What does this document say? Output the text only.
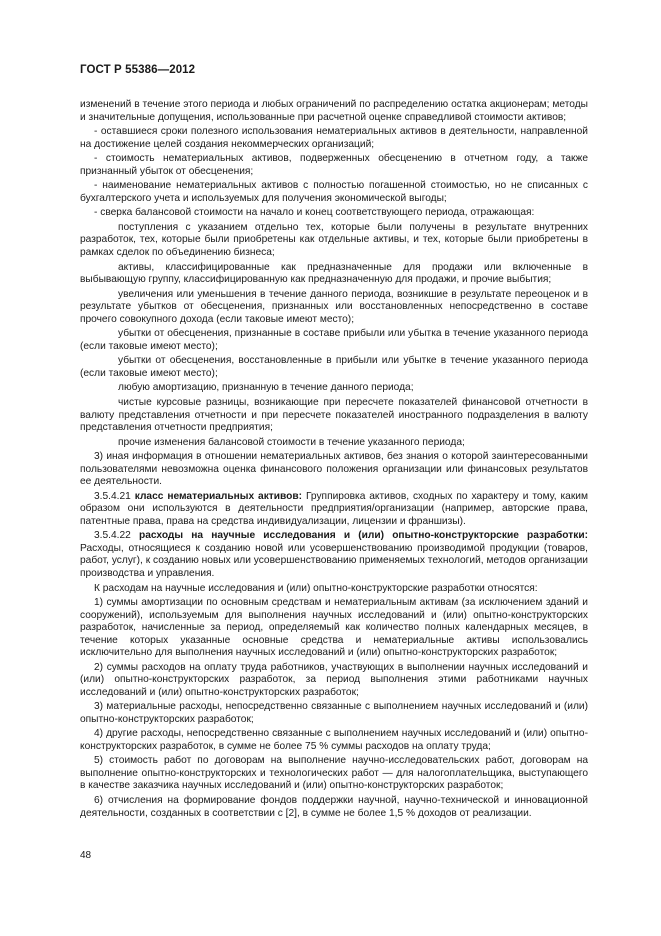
ГОСТ Р 55386—2012

изменений в течение этого периода и любых ограничений по распределению остатка акционерам; методы и значительные допущения, использованные при расчетной оценке справедливой стоимости активов;

- оставшиеся сроки полезного использования нематериальных активов в деятельности, направленной на достижение целей создания некоммерческих организаций;

- стоимость нематериальных активов, подверженных обесценению в отчетном году, а также признанный убыток от обесценения;

- наименование нематериальных активов с полностью погашенной стоимостью, но не списанных с бухгалтерского учета и используемых для получения экономической выгоды;

- сверка балансовой стоимости на начало и конец соответствующего периода, отражающая:

поступления с указанием отдельно тех, которые были получены в результате внутренних разработок, тех, которые были приобретены как отдельные активы, и тех, которые были приобретены в рамках сделок по объединению бизнеса;

активы, классифицированные как предназначенные для продажи или включенные в выбывающую группу, классифицированную как предназначенную для продажи, и прочие выбытия;

увеличения или уменьшения в течение данного периода, возникшие в результате переоценок и в результате убытков от обесценения, признанных или восстановленных непосредственно в составе прочего совокупного дохода (если таковые имеют место);

убытки от обесценения, признанные в составе прибыли или убытка в течение указанного периода (если таковые имеют место);

убытки от обесценения, восстановленные в прибыли или убытке в течение указанного периода (если таковые имеют место);

любую амортизацию, признанную в течение данного периода;

чистые курсовые разницы, возникающие при пересчете показателей финансовой отчетности в валюту представления отчетности и при пересчете показателей иностранного подразделения в валюту представления отчетности предприятия;

прочие изменения балансовой стоимости в течение указанного периода;

3) иная информация в отношении нематериальных активов, без знания о которой заинтересованными пользователями невозможна оценка финансового положения организации или финансовых результатов ее деятельности.

3.5.4.21 класс нематериальных активов: Группировка активов, сходных по характеру и тому, каким образом они используются в деятельности предприятия/организации (например, авторские права, патентные права, права на средства индивидуализации, лицензии и франшизы).

3.5.4.22 расходы на научные исследования и (или) опытно-конструкторские разработки: Расходы, относящиеся к созданию новой или усовершенствованию производимой продукции (товаров, работ, услуг), к созданию новых или усовершенствованию применяемых технологий, методов организации производства и управления.

К расходам на научные исследования и (или) опытно-конструкторские разработки относятся:

1) суммы амортизации по основным средствам и нематериальным активам (за исключением зданий и сооружений), используемым для выполнения научных исследований и (или) опытно-конструкторских разработок, начисленные за период, определяемый как количество полных календарных месяцев, в течение которых указанные основные средства и нематериальные активы использовались исключительно для выполнения научных исследований и (или) опытно-конструкторских разработок;

2) суммы расходов на оплату труда работников, участвующих в выполнении научных исследований и (или) опытно-конструкторских разработок, за период выполнения этими работниками научных исследований и (или) опытно-конструкторских разработок;

3) материальные расходы, непосредственно связанные с выполнением научных исследований и (или) опытно-конструкторских разработок;

4) другие расходы, непосредственно связанные с выполнением научных исследований и (или) опытно-конструкторских разработок, в сумме не более 75 % суммы расходов на оплату труда;

5) стоимость работ по договорам на выполнение научно-исследовательских работ, договорам на выполнение опытно-конструкторских и технологических работ — для налогоплательщика, выступающего в качестве заказчика научных исследований и (или) опытно-конструкторских разработок;

6) отчисления на формирование фондов поддержки научной, научно-технической и инновационной деятельности, созданных в соответствии с [2], в сумме не более 1,5 % доходов от реализации.

48
